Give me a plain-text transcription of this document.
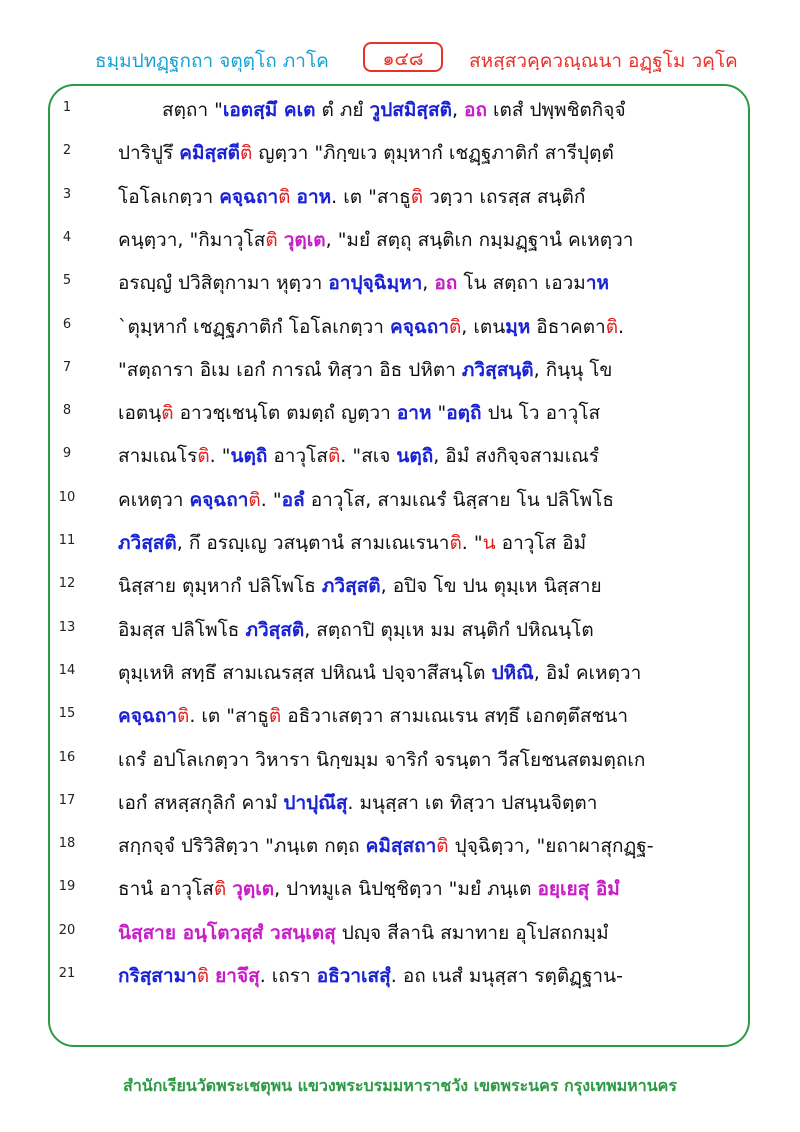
ธมฺมปทฏฺฐกถา จตุตฺโถ ภาโค	๑๔๘	สหสฺสวคฺควณฺณนา อฏฺฐโม วคฺโค
1	สตฺถา "เอตสฺมึ คเต ตํ ภยํ วูปสมิสฺสติ, อถ เตสํ ปพฺพชิตกิจฺจํ
2	ปาริปูรึ คมิสฺสตีติ ญตฺวา "ภิกฺขเว ตุมฺหากํ เชฏฺฐภาติกํ สารีปุตฺตํ
3	โอโลเกตฺวา คจฺฉถาติ อาห. เต "สาธูติ วตฺวา เถรสฺส สนฺติกํ
4	คนฺตฺวา, "กิมาวุโสติ วุตฺเต, "มยํ สตฺถุ สนฺติเก กมฺมฏฺฐานํ คเหตฺวา
5	อรญฺญํ ปวิสิตุกามา หุตฺวา อาปุจฺฉิมฺหา, อถ โน สตฺถา เอวมาห
6	`ตุมฺหากํ เชฏฺฐภาติกํ โอโลเกตฺวา คจฺฉถาติ, เตนมฺห อิธาคตาติ.
7	"สตฺถารา อิเม เอกํ การณํ ทิสฺวา อิธ ปหิตา ภวิสฺสนฺติ, กินฺนุ โข
8	เอตนฺติ อาวชฺเชนฺโต ตมตฺถํ ญตฺวา อาห "อตฺถิ ปน โว อาวุโส
9	สามเณโรติ. "นตฺถิ อาวุโสติ. "สเจ นตฺถิ, อิมํ สงกิจฺจสามเณรํ
10	คเหตฺวา คจฺฉถาติ. "อลํ อาวุโส, สามเณรํ นิสฺสาย โน ปลิโพโธ
11	ภวิสฺสติ, กึ อรญฺเญ วสนฺตานํ สามเณเรนาติ. "น อาวุโส อิมํ
12	นิสฺสาย ตุมฺหากํ ปลิโพโธ ภวิสฺสติ, อปิจ โข ปน ตุมฺเห นิสฺสาย
13	อิมสฺส ปลิโพโธ ภวิสฺสติ, สตฺถาปิ ตุมฺเห มม สนฺติกํ ปหิณนฺโต
14	ตุมฺเหหิ สทฺธึ สามเณรสฺส ปหิณนํ ปจฺจาสึสนฺโต ปหิณิ, อิมํ คเหตฺวา
15	คจฺฉถาติ. เต "สาธูติ อธิวาเสตฺวา สามเณเรน สทฺธึ เอกตฺตึสชนา
16	เถรํ อปโลเกตฺวา วิหารา นิกฺขมฺม จาริกํ จรนฺตา วีสโยชนสตมตฺถเก
17	เอกํ สหสฺสกุลิกํ คามํ ปาปุณึสุ. มนุสฺสา เต ทิสฺวา ปสนฺนจิตฺตา
18	สกฺกจฺจํ ปริวิสิตฺวา "ภนฺเต กตฺถ คมิสฺสถาติ ปุจฺฉิตฺวา, "ยถาผาสุกฏฺฐ-
19	ธานํ อาวุโสติ วุตฺเต, ปาทมูเล นิปชฺชิตฺวา "มยํ ภนฺเต อยฺเยสุ อิมํ
20	นิสฺสาย อนฺโตวสฺสํ วสนฺเตสุ ปญฺจ สีลานิ สมาทาย อุโปสถกมฺมํ
21	กริสฺสามาติ ยาจึสุ. เถรา อธิวาเสสุํ. อถ เนสํ มนุสฺสา รตฺติฏฺฐาน-
สำนักเรียนวัดพระเชตุพน แขวงพระบรมมหาราชวัง เขตพระนคร กรุงเทพมหานคร
